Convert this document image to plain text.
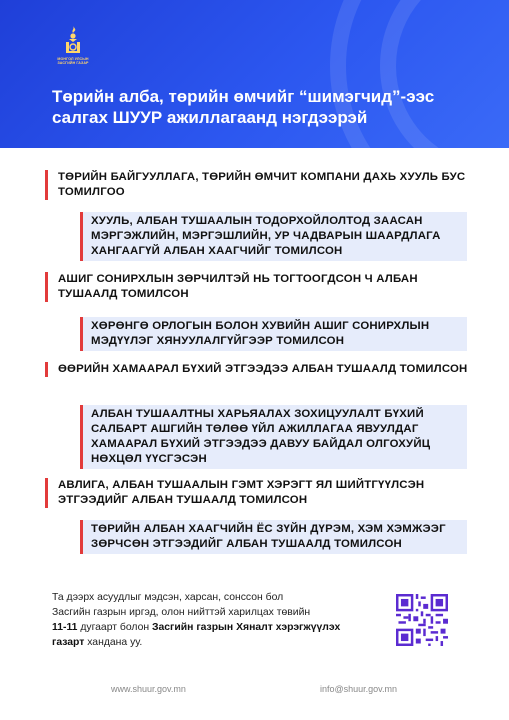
МОНГОЛ УЛСЫН ЗАСГИЙН ГАЗАР
Төрийн алба, төрийн өмчийг “шимэгчид”-ээс салгах ШУУР ажиллагаанд нэгдээрэй
ТӨРИЙН БАЙГУУЛЛАГА, ТӨРИЙН ӨМЧИТ КОМПАНИ ДАХЬ ХУУЛЬ БУС ТОМИЛГОО
ХУУЛЬ, АЛБАН ТУШААЛЫН ТОДОРХОЙЛОЛТОД ЗААСАН МЭРГЭЖЛИЙН, МЭРГЭШЛИЙН, УР ЧАДВАРЫН ШААРДЛАГА ХАНГААГҮЙ АЛБАН ХААГЧИЙГ ТОМИЛСОН
АШИГ СОНИРХЛЫН ЗӨРЧИЛТЭЙ НЬ ТОГТООГДСОН Ч АЛБАН ТУШААЛД ТОМИЛСОН
ХӨРӨНГӨ ОРЛОГЫН БОЛОН ХУВИЙН АШИГ СОНИРХЛЫН МЭДҮҮЛЭГ ХЯНУУЛАЛГҮЙГЭЭР ТОМИЛСОН
ӨӨРИЙН ХАМААРАЛ БҮХИЙ ЭТГЭЭДЭЭ АЛБАН ТУШААЛД ТОМИЛСОН
АЛБАН ТУШААЛТНЫ ХАРЬЯАЛАХ ЗОХИЦУУЛАЛТ БҮХИЙ САЛБАРТ АШГИЙН ТӨЛӨӨ ҮЙЛ АЖИЛЛАГАА ЯВУУЛДАГ ХАМААРАЛ БҮХИЙ ЭТГЭЭДЭЭ ДАВУУ БАЙДАЛ ОЛГОХУЙЦ НӨХЦӨЛ ҮҮСГЭСЭН
АВЛИГА, АЛБАН ТУШААЛЫН ГЭМТ ХЭРЭГТ ЯЛ ШИЙТГҮҮЛСЭН ЭТГЭЭДИЙГ АЛБАН ТУШААЛД ТОМИЛСОН
ТӨРИЙН АЛБАН ХААГЧИЙН ЁС ЗҮЙН ДҮРЭМ, ХЭМ ХЭМЖЭЭГ ЗӨРЧСӨН ЭТГЭЭДИЙГ АЛБАН ТУШААЛД ТОМИЛСОН
Та дээрх асуудлыг мэдсэн, харсан, сонссон бол
Засгийн газрын иргэд, олон нийттэй харилцах төвийн
11-11 дугаарт болон Засгийн газрын Хяналт хэрэгжүүлэх газарт хандана уу.
www.shuur.gov.mn	info@shuur.gov.mn
